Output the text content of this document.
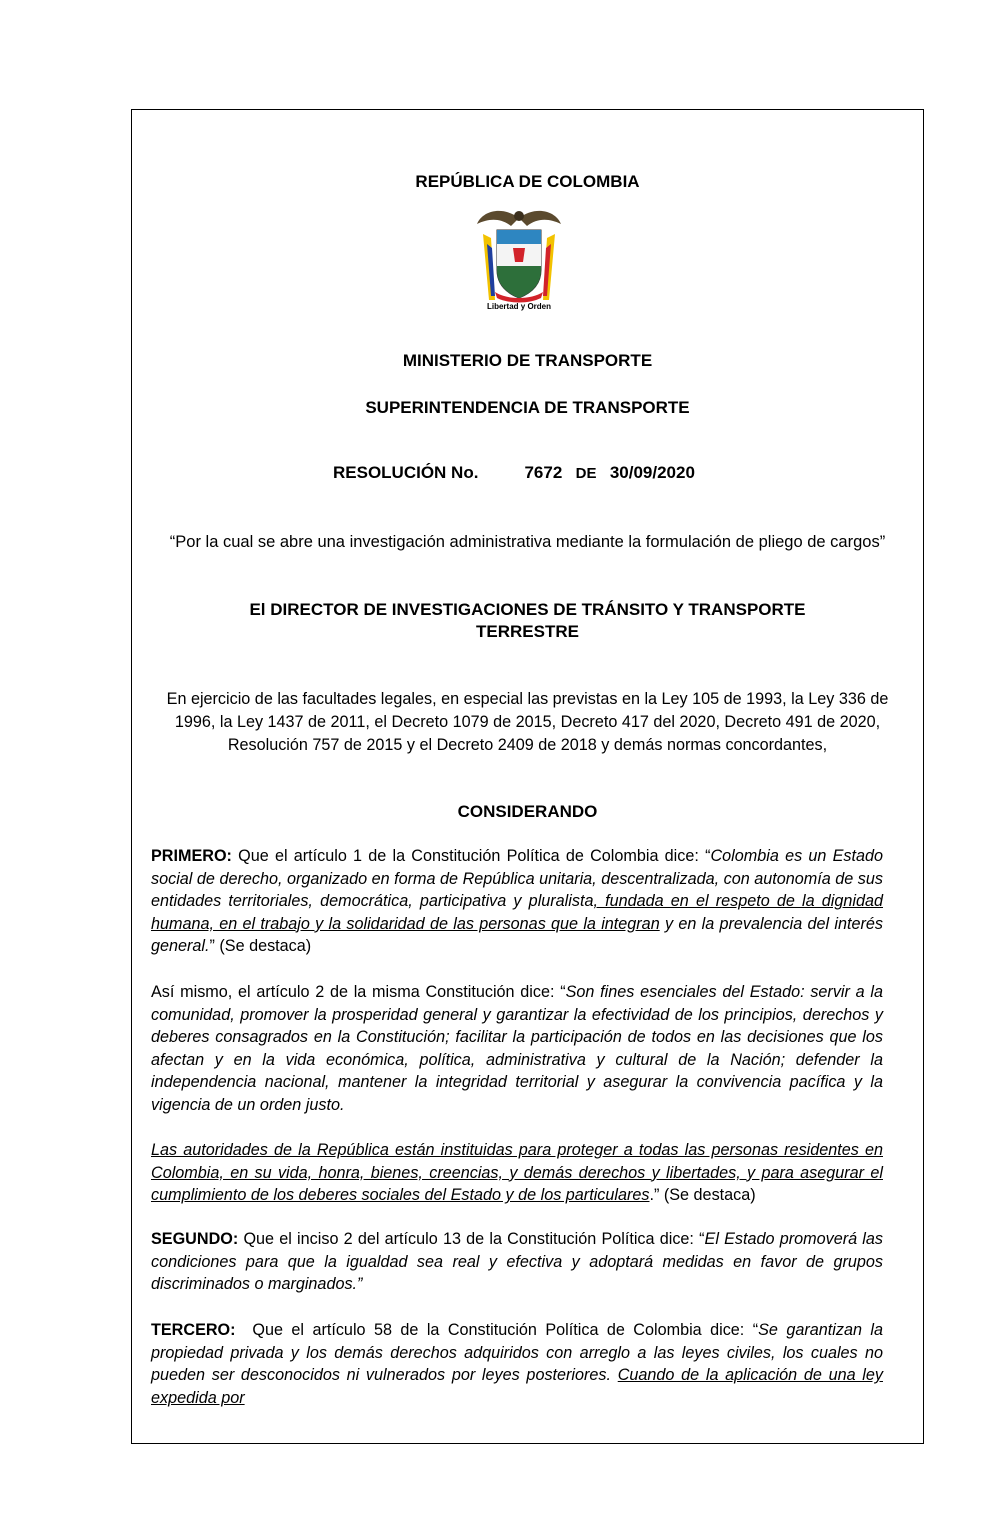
REPÚBLICA DE COLOMBIA
Libertad y Orden
MINISTERIO DE TRANSPORTE
SUPERINTENDENCIA DE TRANSPORTE
RESOLUCIÓN No.	7672 DE 30/09/2020
“Por la cual se abre una investigación administrativa mediante la formulación de pliego de cargos”
El DIRECTOR DE INVESTIGACIONES DE TRÁNSITO Y TRANSPORTE
TERRESTRE
En ejercicio de las facultades legales, en especial las previstas en la Ley 105 de 1993, la Ley 336 de
1996, la Ley 1437 de 2011, el Decreto 1079 de 2015, Decreto 417 del 2020, Decreto 491 de 2020,
Resolución 757 de 2015 y el Decreto 2409 de 2018 y demás normas concordantes,
CONSIDERANDO
PRIMERO: Que el artículo 1 de la Constitución Política de Colombia dice: “Colombia es un Estado social de derecho, organizado en forma de República unitaria, descentralizada, con autonomía de sus entidades territoriales, democrática, participativa y pluralista, fundada en el respeto de la dignidad humana, en el trabajo y la solidaridad de las personas que la integran y en la prevalencia del interés general.” (Se destaca)
Así mismo, el artículo 2 de la misma Constitución dice: “Son fines esenciales del Estado: servir a la comunidad, promover la prosperidad general y garantizar la efectividad de los principios, derechos y deberes consagrados en la Constitución; facilitar la participación de todos en las decisiones que los afectan y en la vida económica, política, administrativa y cultural de la Nación; defender la independencia nacional, mantener la integridad territorial y asegurar la convivencia pacífica y la vigencia de un orden justo.
Las autoridades de la República están instituidas para proteger a todas las personas residentes en Colombia, en su vida, honra, bienes, creencias, y demás derechos y libertades, y para asegurar el cumplimiento de los deberes sociales del Estado y de los particulares.” (Se destaca)
SEGUNDO: Que el inciso 2 del artículo 13 de la Constitución Política dice: “El Estado promoverá las condiciones para que la igualdad sea real y efectiva y adoptará medidas en favor de grupos discriminados o marginados.”
TERCERO:  Que el artículo 58 de la Constitución Política de Colombia dice: “Se garantizan la propiedad privada y los demás derechos adquiridos con arreglo a las leyes civiles, los cuales no pueden ser desconocidos ni vulnerados por leyes posteriores. Cuando de la aplicación de una ley expedida por
